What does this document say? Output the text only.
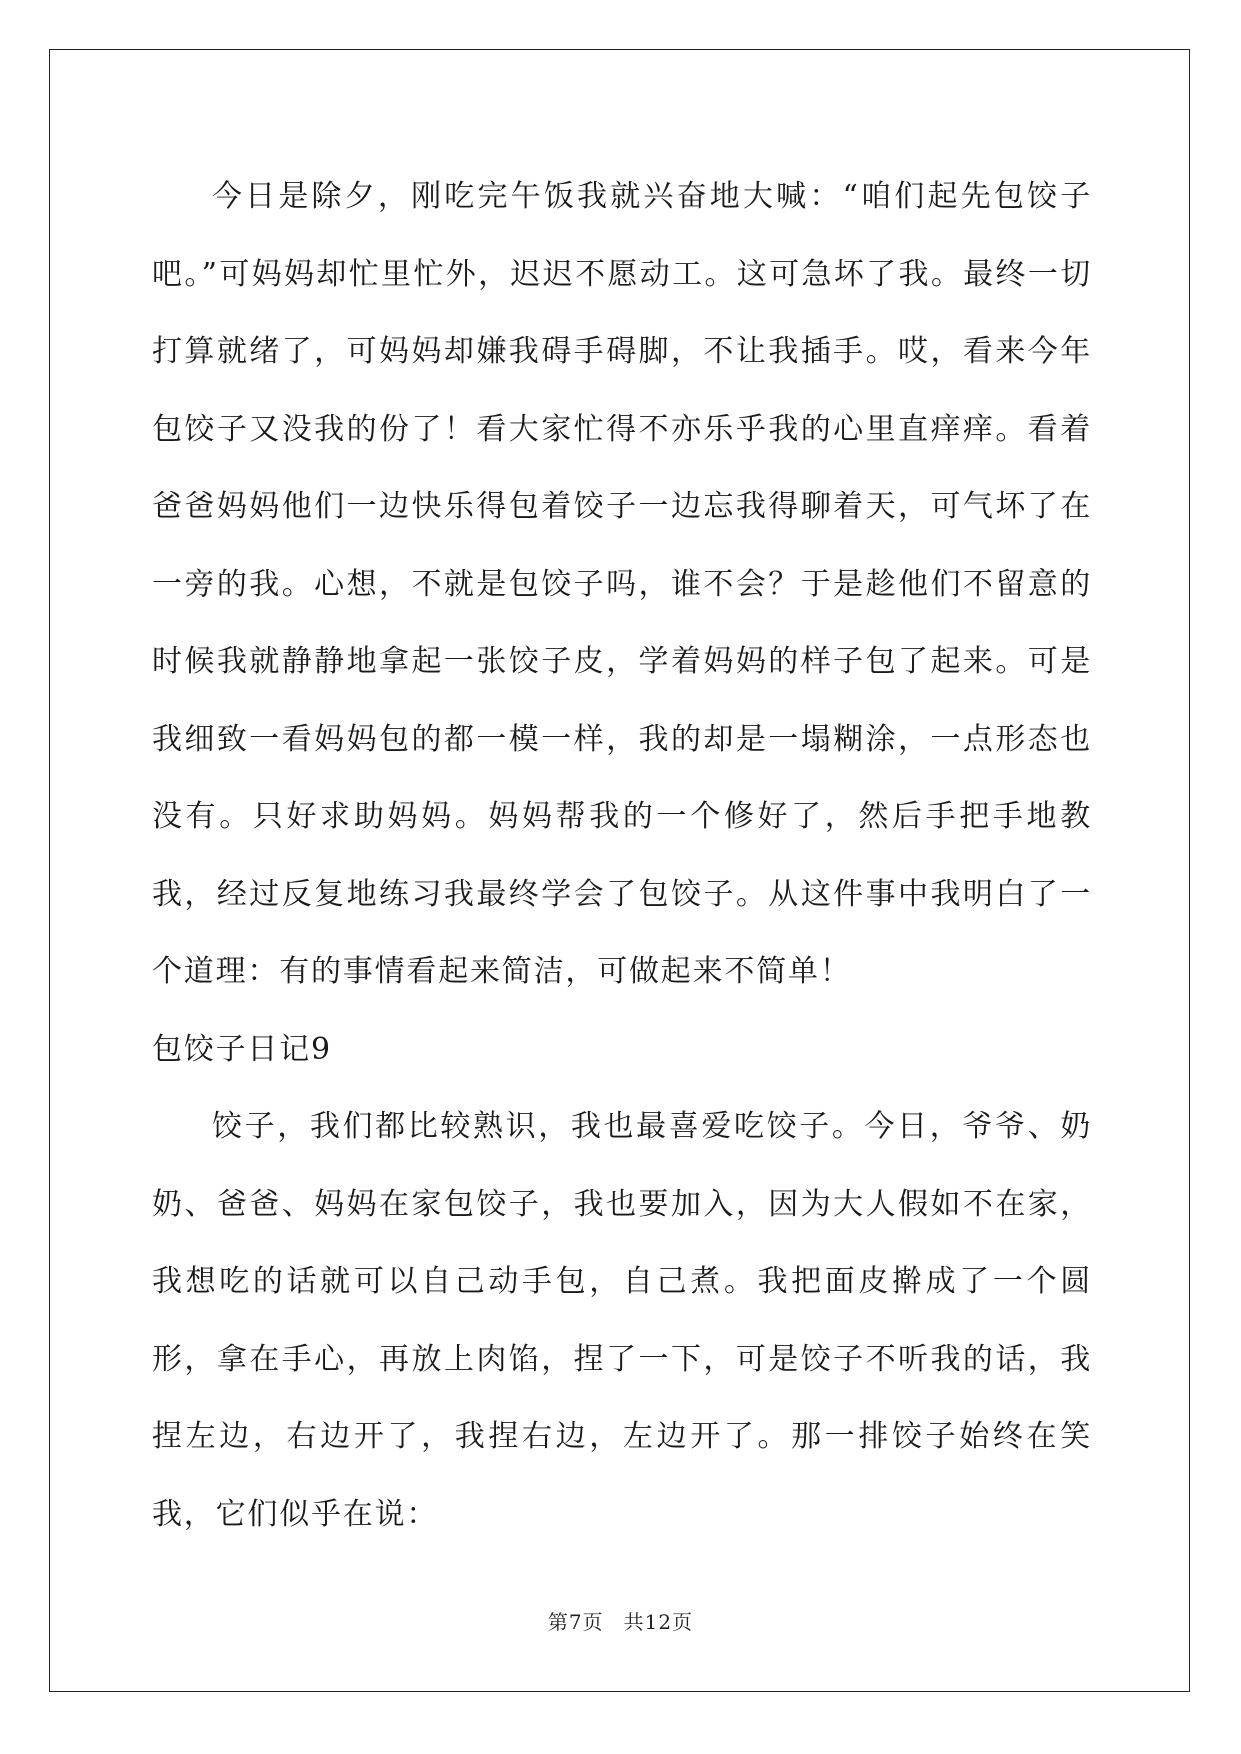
今日是除夕，刚吃完午饭我就兴奋地大喊：“咱们起先包饺子吧。”可妈妈却忙里忙外，迟迟不愿动工。这可急坏了我。最终一切打算就绪了，可妈妈却嫌我碍手碍脚，不让我插手。哎，看来今年包饺子又没我的份了！看大家忙得不亦乐乎我的心里直痒痒。看着爸爸妈妈他们一边快乐得包着饺子一边忘我得聊着天，可气坏了在一旁的我。心想，不就是包饺子吗，谁不会？于是趁他们不留意的时候我就静静地拿起一张饺子皮，学着妈妈的样子包了起来。可是我细致一看妈妈包的都一模一样，我的却是一塌糊涂，一点形态也没有。只好求助妈妈。妈妈帮我的一个修好了，然后手把手地教我，经过反复地练习我最终学会了包饺子。从这件事中我明白了一个道理：有的事情看起来简洁，可做起来不简单！

包饺子日记9

饺子，我们都比较熟识，我也最喜爱吃饺子。今日，爷爷、奶奶、爸爸、妈妈在家包饺子，我也要加入，因为大人假如不在家，我想吃的话就可以自己动手包，自己煮。我把面皮擀成了一个圆形，拿在手心，再放上肉馅，捏了一下，可是饺子不听我的话，我捏左边，右边开了，我捏右边，左边开了。那一排饺子始终在笑我，它们似乎在说：

第7页 共12页
